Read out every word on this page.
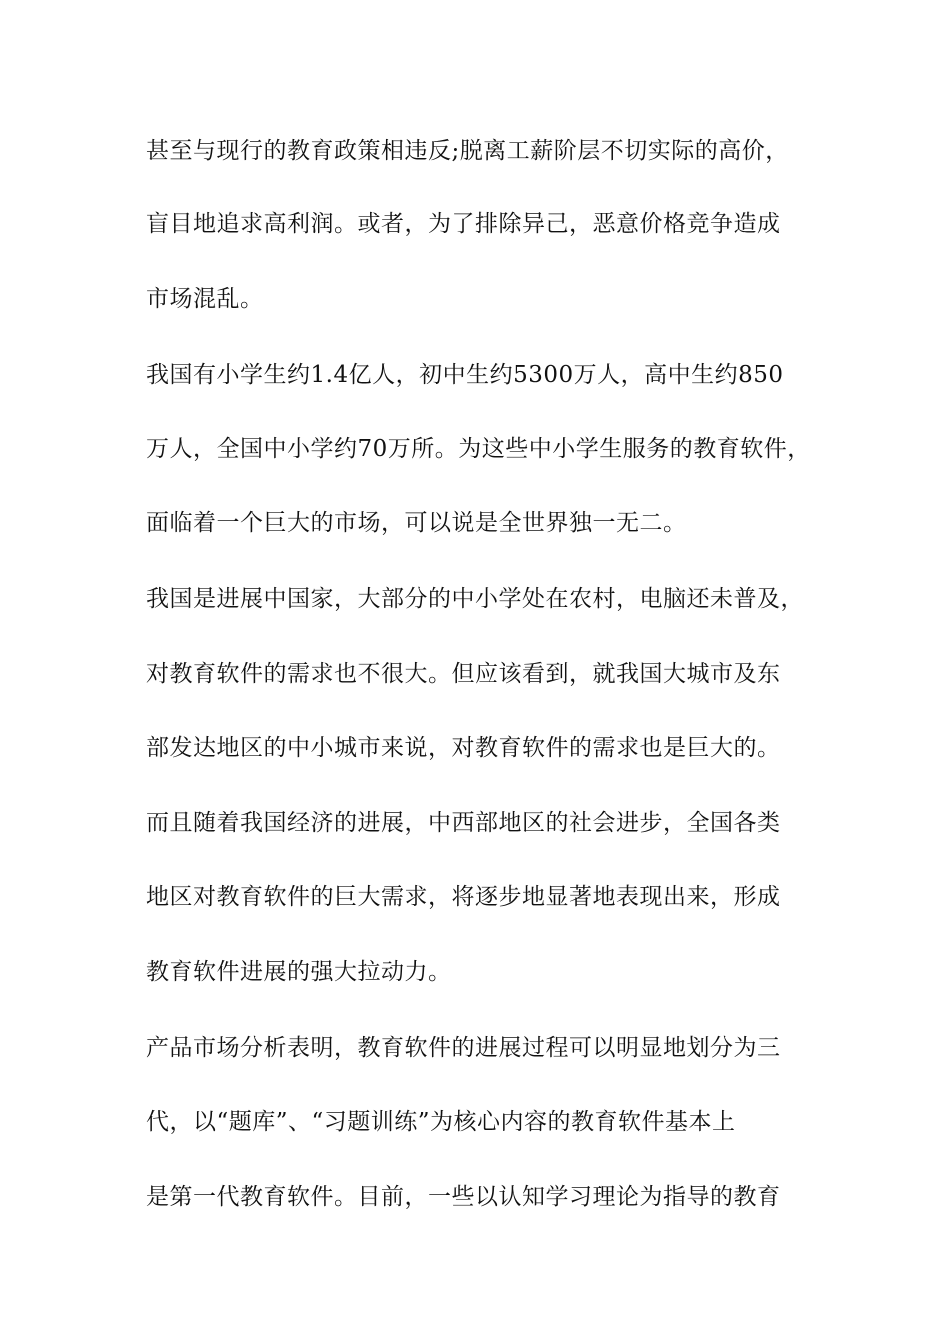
甚至与现行的教育政策相违反;脱离工薪阶层不切实际的高价，
盲目地追求高利润。或者，为了排除异己，恶意价格竞争造成
市场混乱。
我国有小学生约1.4亿人，初中生约5300万人，高中生约850
万人，全国中小学约70万所。为这些中小学生服务的教育软件，
面临着一个巨大的市场，可以说是全世界独一无二。
我国是进展中国家，大部分的中小学处在农村，电脑还未普及，
对教育软件的需求也不很大。但应该看到，就我国大城市及东
部发达地区的中小城市来说，对教育软件的需求也是巨大的。
而且随着我国经济的进展，中西部地区的社会进步，全国各类
地区对教育软件的巨大需求，将逐步地显著地表现出来，形成
教育软件进展的强大拉动力。
产品市场分析表明，教育软件的进展过程可以明显地划分为三
代，以“题库”、“习题训练”为核心内容的教育软件基本上
是第一代教育软件。目前，一些以认知学习理论为指导的教育
